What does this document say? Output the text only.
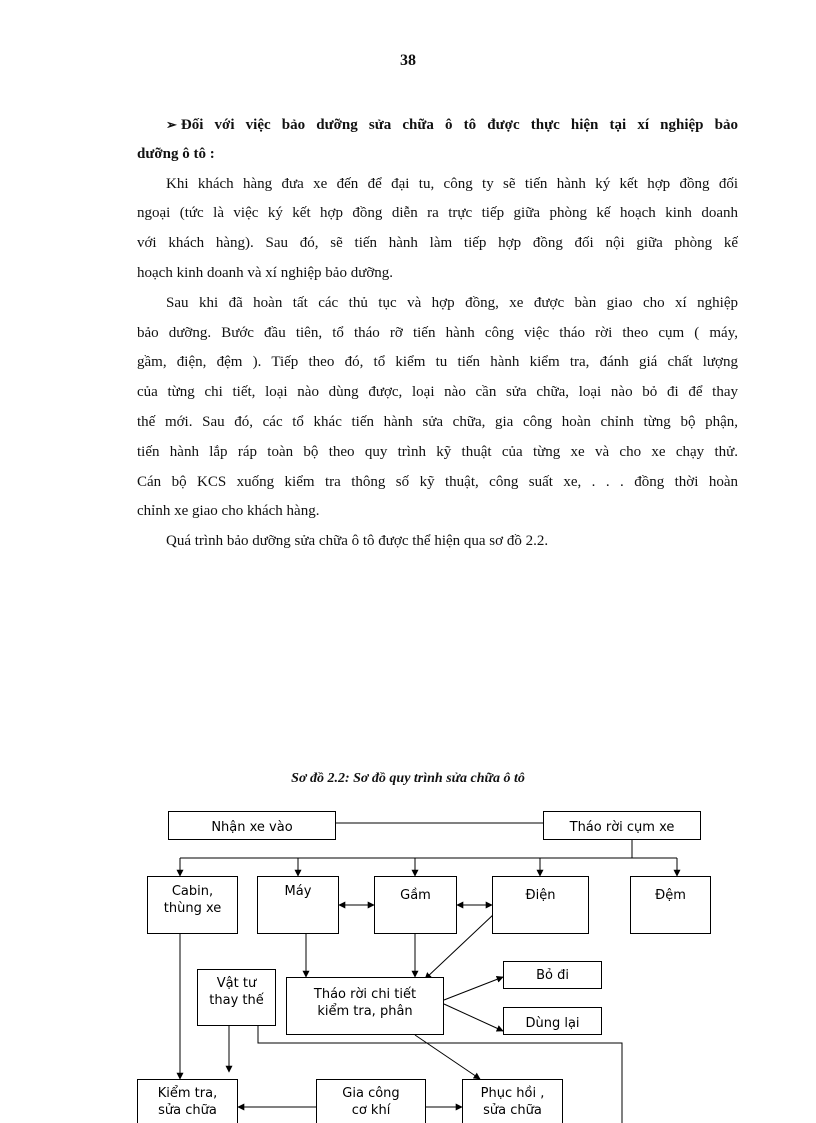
38
➢ Đối với việc bảo dưỡng sửa chữa ô tô được thực hiện tại xí nghiệp bảo
dưỡng ô tô :
Khi khách hàng đưa xe đến để đại tu, công ty sẽ tiến hành ký kết hợp đồng đối
ngoại (tức là việc ký kết hợp đồng diễn ra trực tiếp giữa phòng kế hoạch kinh doanh
với khách hàng). Sau đó, sẽ tiến hành làm tiếp hợp đồng đối nội giữa phòng kế
hoạch kinh doanh và xí nghiệp bảo dưỡng.
Sau khi đã hoàn tất các thủ tục và hợp đồng, xe được bàn giao cho xí nghiệp
bảo dưỡng. Bước đầu tiên, tổ tháo rỡ tiến hành công việc tháo rời theo cụm ( máy,
gầm, điện, đệm ). Tiếp theo đó, tổ kiểm tu tiến hành kiểm tra, đánh giá chất lượng
của từng chi tiết, loại nào dùng được, loại nào cần sửa chữa, loại nào bỏ đi để thay
thế mới. Sau đó, các tổ khác tiến hành sửa chữa, gia công hoàn chỉnh từng bộ phận,
tiến hành lắp ráp toàn bộ theo quy trình kỹ thuật của từng xe và cho xe chạy thử.
Cán bộ KCS xuống kiểm tra thông số kỹ thuật, công suất xe, . . . đồng thời hoàn
chỉnh xe giao cho khách hàng.
Quá trình bảo dưỡng sửa chữa ô tô được thể hiện qua sơ đồ 2.2.
Sơ đồ 2.2: Sơ đồ quy trình sửa chữa ô tô
Nhận xe vào	Tháo rời cụm xe
Cabin,
thùng xe
Máy	Gầm	Điện	Đệm
Vật tư
thay thế	Tháo rời chi tiết
kiểm tra, phân
Bỏ đi
Dùng lại
Kiểm tra,
sửa chữa
Gia công
cơ khí
Phục hồi ,
sửa chữa
